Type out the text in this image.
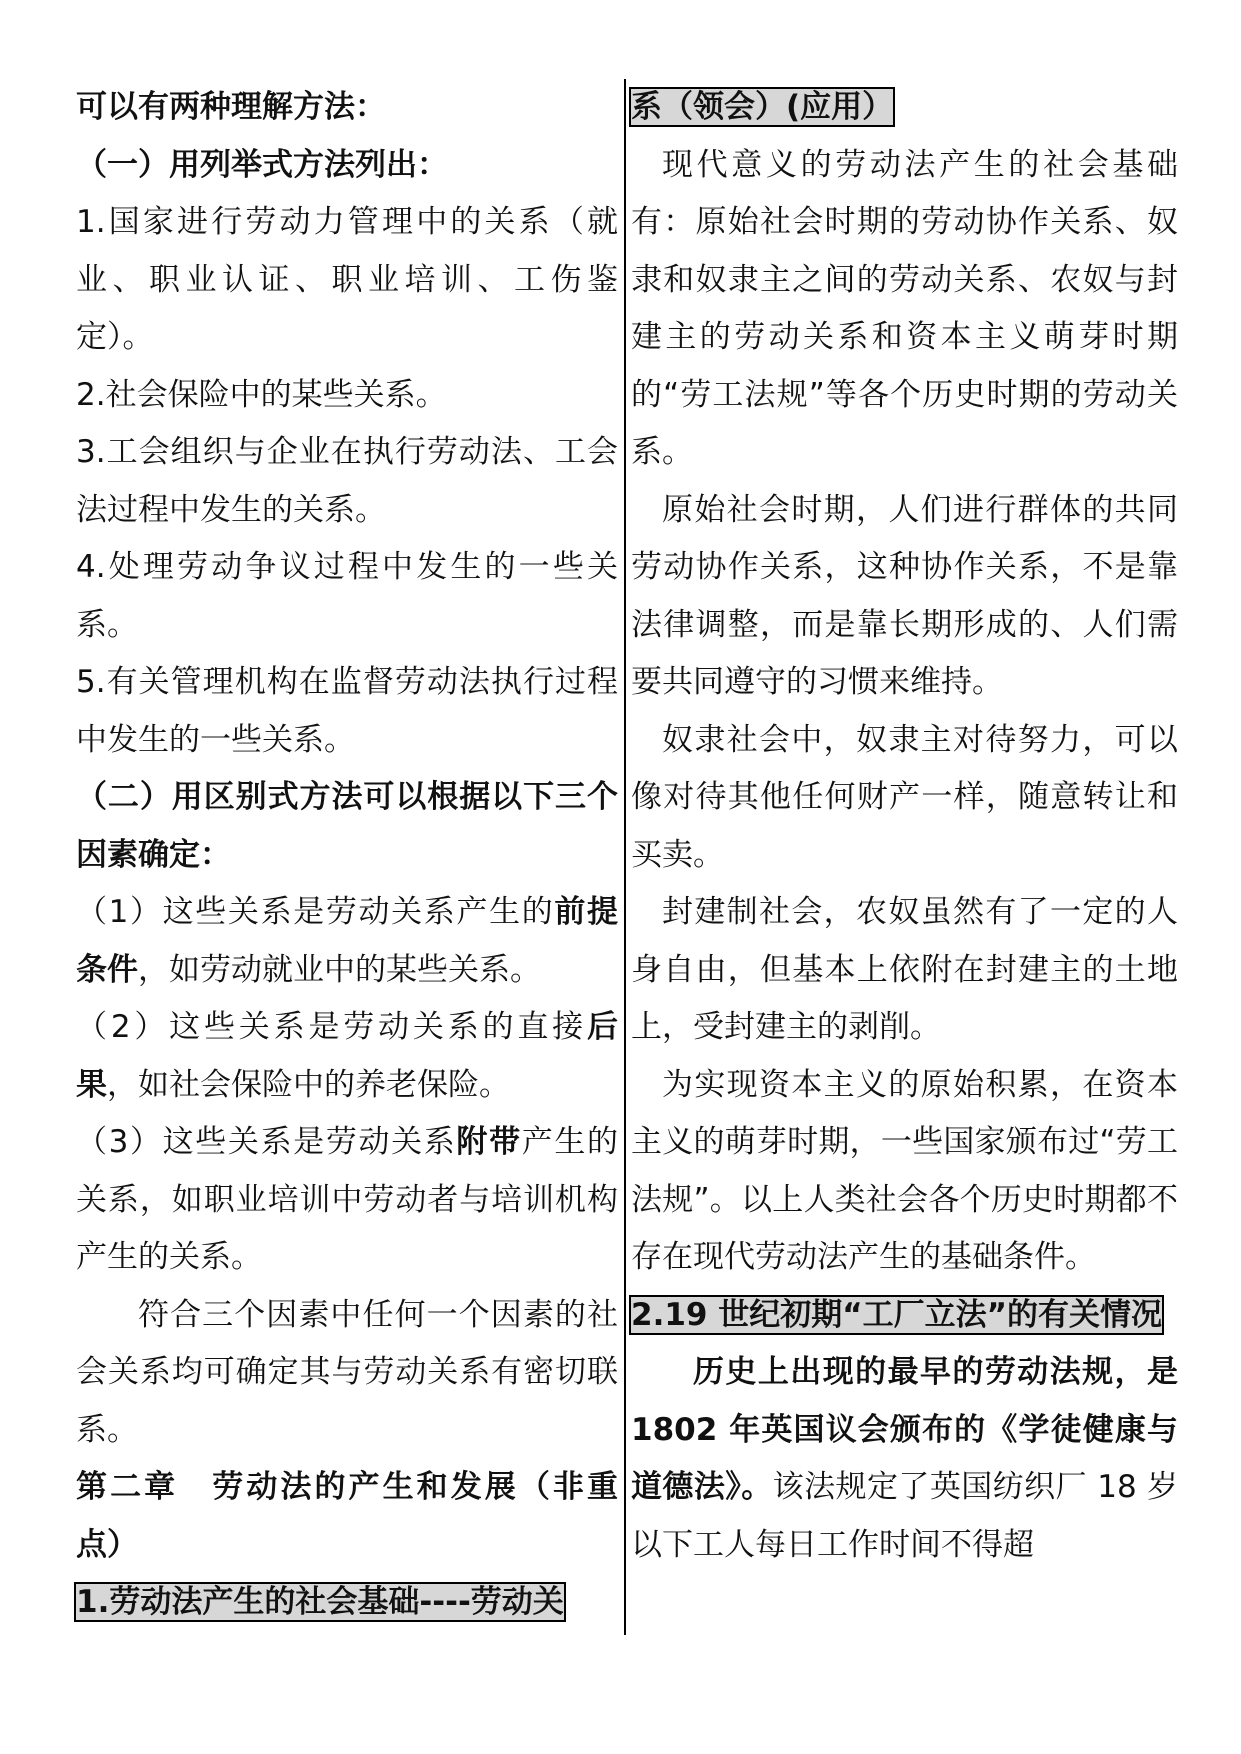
可以有两种理解方法：

（一）用列举式方法列出：

1.国家进行劳动力管理中的关系（就业、职业认证、职业培训、工伤鉴定）。

2.社会保险中的某些关系。

3.工会组织与企业在执行劳动法、工会法过程中发生的关系。

4.处理劳动争议过程中发生的一些关系。

5.有关管理机构在监督劳动法执行过程中发生的一些关系。

（二）用区别式方法可以根据以下三个因素确定：

（1）这些关系是劳动关系产生的前提条件，如劳动就业中的某些关系。

（2）这些关系是劳动关系的直接后果，如社会保险中的养老保险。

（3）这些关系是劳动关系附带产生的关系，如职业培训中劳动者与培训机构产生的关系。

符合三个因素中任何一个因素的社会关系均可确定其与劳动关系有密切联系。

第二章　劳动法的产生和发展（非重点）

1.劳动法产生的社会基础----劳动关

系（领会）(应用）

现代意义的劳动法产生的社会基础有：原始社会时期的劳动协作关系、奴隶和奴隶主之间的劳动关系、农奴与封建主的劳动关系和资本主义萌芽时期的“劳工法规”等各个历史时期的劳动关系。

原始社会时期，人们进行群体的共同劳动协作关系，这种协作关系，不是靠法律调整，而是靠长期形成的、人们需要共同遵守的习惯来维持。

奴隶社会中，奴隶主对待努力，可以像对待其他任何财产一样，随意转让和买卖。

封建制社会，农奴虽然有了一定的人身自由，但基本上依附在封建主的土地上，受封建主的剥削。

为实现资本主义的原始积累，在资本主义的萌芽时期，一些国家颁布过“劳工法规”。以上人类社会各个历史时期都不存在现代劳动法产生的基础条件。

2.19 世纪初期“工厂立法”的有关情况

历史上出现的最早的劳动法规，是 1802 年英国议会颁布的《学徒健康与道德法》。该法规定了英国纺织厂 18 岁以下工人每日工作时间不得超
